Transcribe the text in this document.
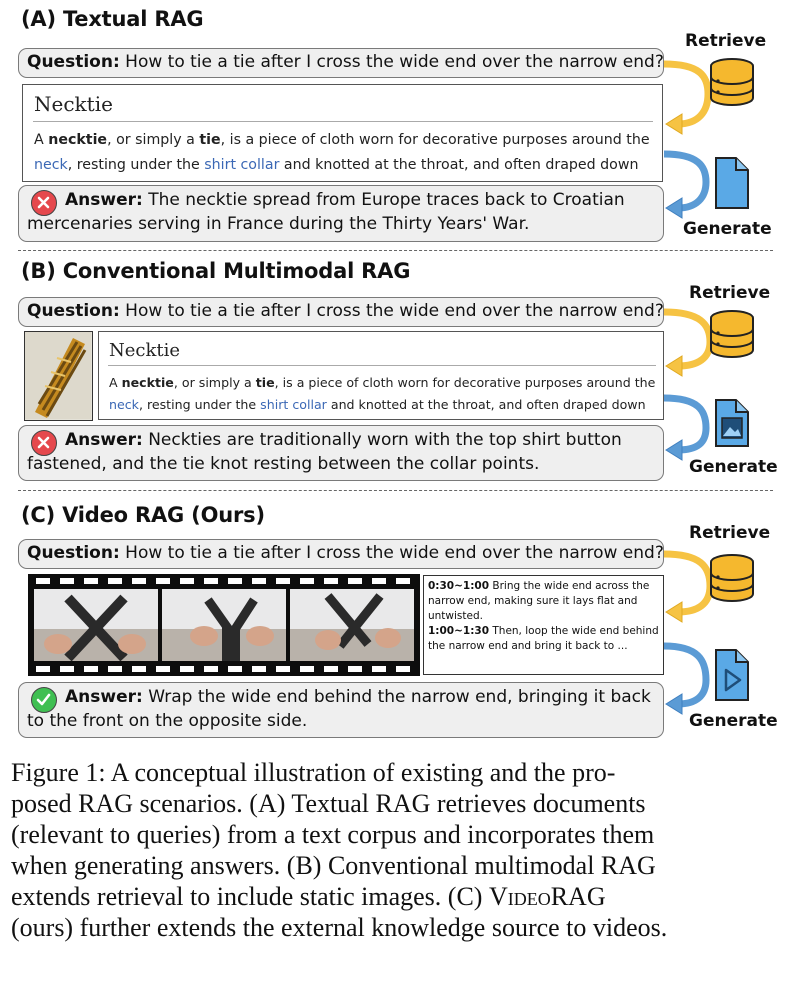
(A) Textual RAG
Question: How to tie a tie after I cross the wide end over the narrow end?
Necktie
A necktie, or simply a tie, is a piece of cloth worn for decorative purposes around the
neck, resting under the shirt collar and knotted at the throat, and often draped down
Answer: The necktie spread from Europe traces back to Croatian
mercenaries serving in France during the Thirty Years' War.
Retrieve
Generate
(B) Conventional Multimodal RAG
Question: How to tie a tie after I cross the wide end over the narrow end?
Necktie
A necktie, or simply a tie, is a piece of cloth worn for decorative purposes around the
neck, resting under the shirt collar and knotted at the throat, and often draped down
Answer: Neckties are traditionally worn with the top shirt button
fastened, and the tie knot resting between the collar points.
Retrieve
Generate
(C) Video RAG (Ours)
Question: How to tie a tie after I cross the wide end over the narrow end?
0:30~1:00 Bring the wide end across the narrow end, making sure it lays flat and untwisted.
1:00~1:30 Then, loop the wide end behind the narrow end and bring it back to ...
Answer: Wrap the wide end behind the narrow end, bringing it back
to the front on the opposite side.
Retrieve
Generate
Figure 1: A conceptual illustration of existing and the pro-
posed RAG scenarios. (A) Textual RAG retrieves documents
(relevant to queries) from a text corpus and incorporates them
when generating answers. (B) Conventional multimodal RAG
extends retrieval to include static images. (C) VideoRAG
(ours) further extends the external knowledge source to videos.
